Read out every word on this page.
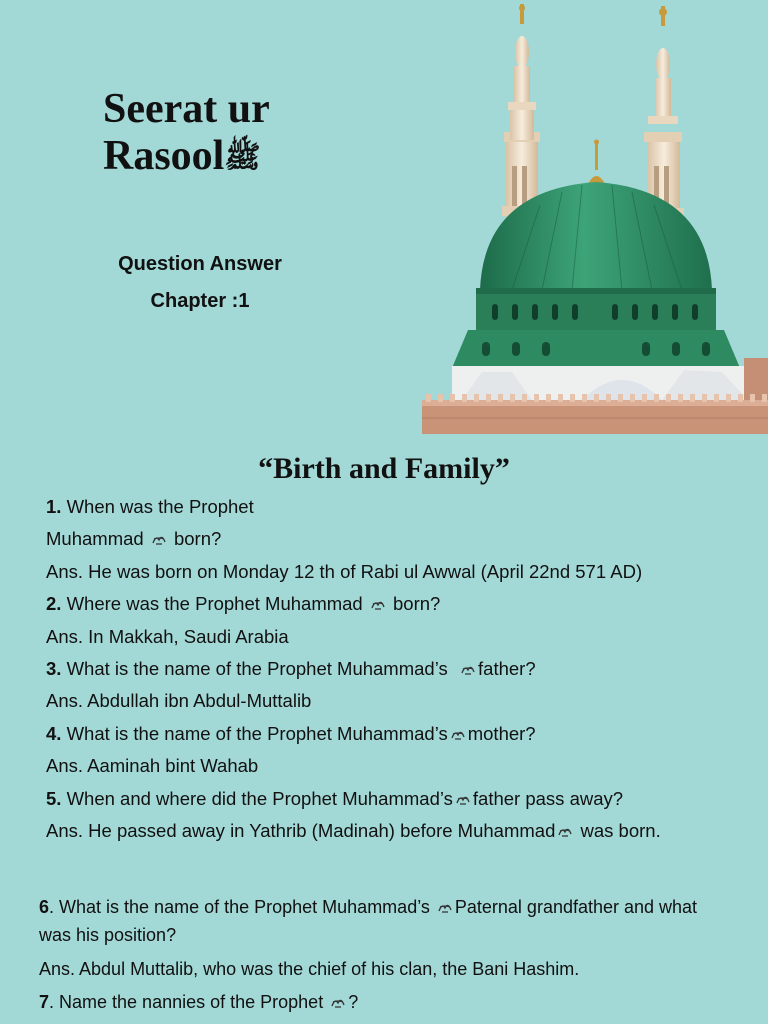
Seerat ur
Rasoolﷺ
Question Answer
Chapter :1
“Birth and Family”

1. When was the Prophet

Muhammad  born?

Ans. He was born on Monday 12 th of Rabi ul Awwal (April 22nd 571 AD)

2. Where was the Prophet Muhammad  born?

Ans. In Makkah, Saudi Arabia

3. What is the name of the Prophet Muhammad’s father?

Ans. Abdullah ibn Abdul-Muttalib

4. What is the name of the Prophet Muhammad’s mother?

Ans. Aaminah bint Wahab

5. When and where did the Prophet Muhammad’s father pass away?

Ans. He passed away in Yathrib (Madinah) before Muhammad was born.

6. What is the name of the Prophet Muhammad’s Paternal grandfather and what was his position?

Ans. Abdul Muttalib, who was the chief of his clan, the Bani Hashim.

7. Name the nannies of the Prophet ?
